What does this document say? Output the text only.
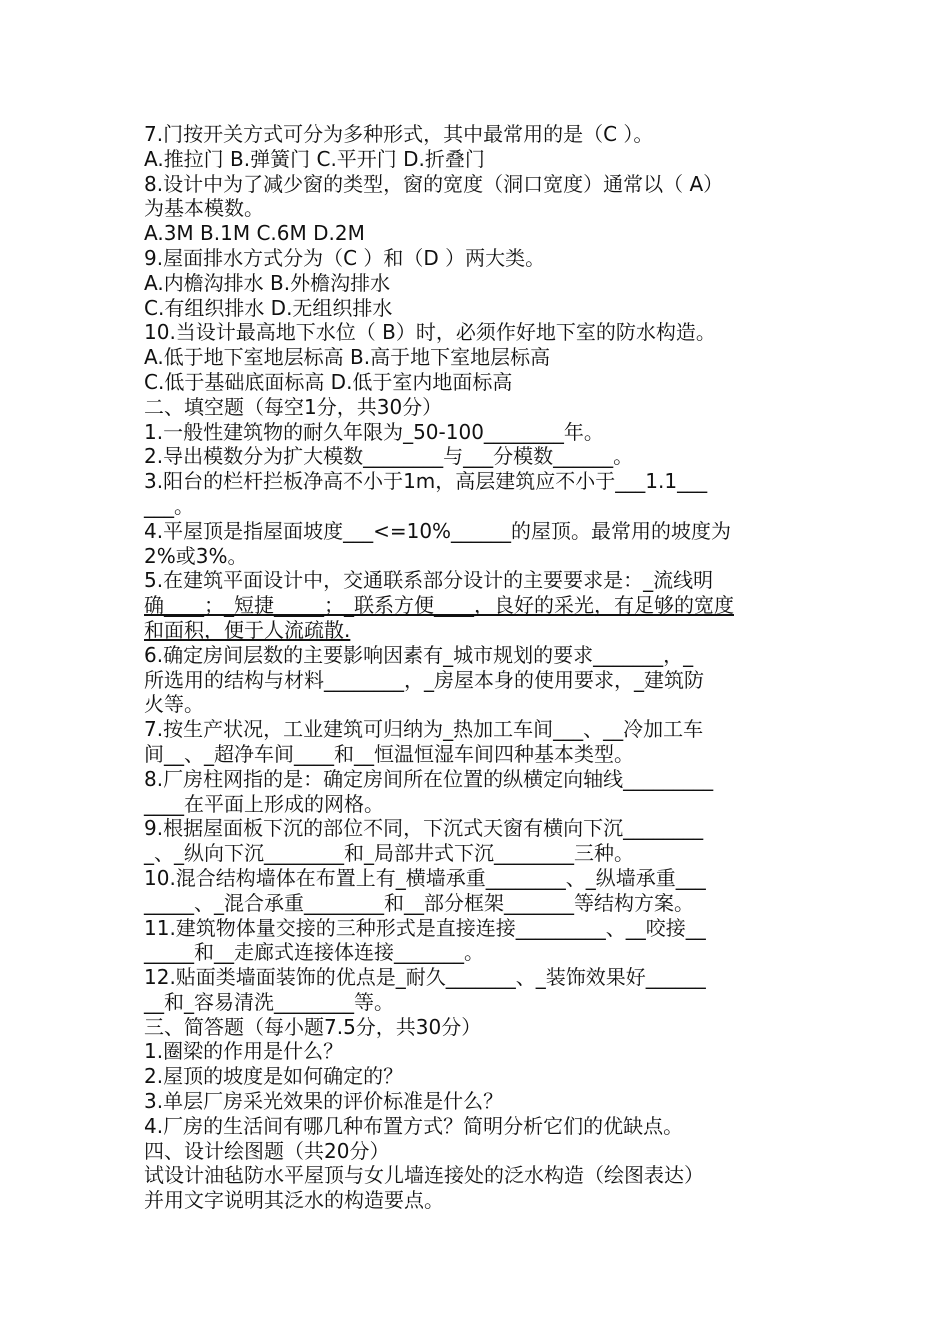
7.门按开关方式可分为多种形式，其中最常用的是（C ）。
A.推拉门 B.弹簧门 C.平开门 D.折叠门
8.设计中为了减少窗的类型，窗的宽度（洞口宽度）通常以（ A）
为基本模数。
A.3M B.1M C.6M D.2M
9.屋面排水方式分为（C ）和（D ）两大类。
A.内檐沟排水 B.外檐沟排水
C.有组织排水 D.无组织排水
10.当设计最高地下水位（ B）时，必须作好地下室的防水构造。
A.低于地下室地层标高 B.高于地下室地层标高
C.低于基础底面标高 D.低于室内地面标高
二、填空题（每空1分，共30分）
1.一般性建筑物的耐久年限为_50-100________年。
2.导出模数分为扩大模数________与___分模数______。
3.阳台的栏杆拦板净高不小于1m，高层建筑应不小于___1.1___
___。
4.平屋顶是指屋面坡度___<=10%______的屋顶。最常用的坡度为
2%或3%。
5.在建筑平面设计中，交通联系部分设计的主要要求是：_流线明
确____；_短捷_____；_联系方便____，良好的采光，有足够的宽度
和面积，便于人流疏散.
6.确定房间层数的主要影响因素有_城市规划的要求_______，_
所选用的结构与材料________，_房屋本身的使用要求，_建筑防
火等。
7.按生产状况，工业建筑可归纳为_热加工车间___、__冷加工车
间__、_超净车间____和__恒温恒湿车间四种基本类型。
8.厂房柱网指的是：确定房间所在位置的纵横定向轴线_________
____在平面上形成的网格。
9.根据屋面板下沉的部位不同，下沉式天窗有横向下沉________
_、_纵向下沉________和_局部井式下沉________三种。
10.混合结构墙体在布置上有_横墙承重________、_纵墙承重___
_____、_混合承重________和__部分框架_______等结构方案。
11.建筑物体量交接的三种形式是直接连接_________、__咬接__
_____和__走廊式连接体连接_______。
12.贴面类墙面装饰的优点是_耐久_______、_装饰效果好______
__和_容易清洗________等。
三、简答题（每小题7.5分，共30分）
1.圈梁的作用是什么？
2.屋顶的坡度是如何确定的？
3.单层厂房采光效果的评价标准是什么？
4.厂房的生活间有哪几种布置方式？简明分析它们的优缺点。
四、设计绘图题（共20分）
试设计油毡防水平屋顶与女儿墙连接处的泛水构造（绘图表达）
并用文字说明其泛水的构造要点。
